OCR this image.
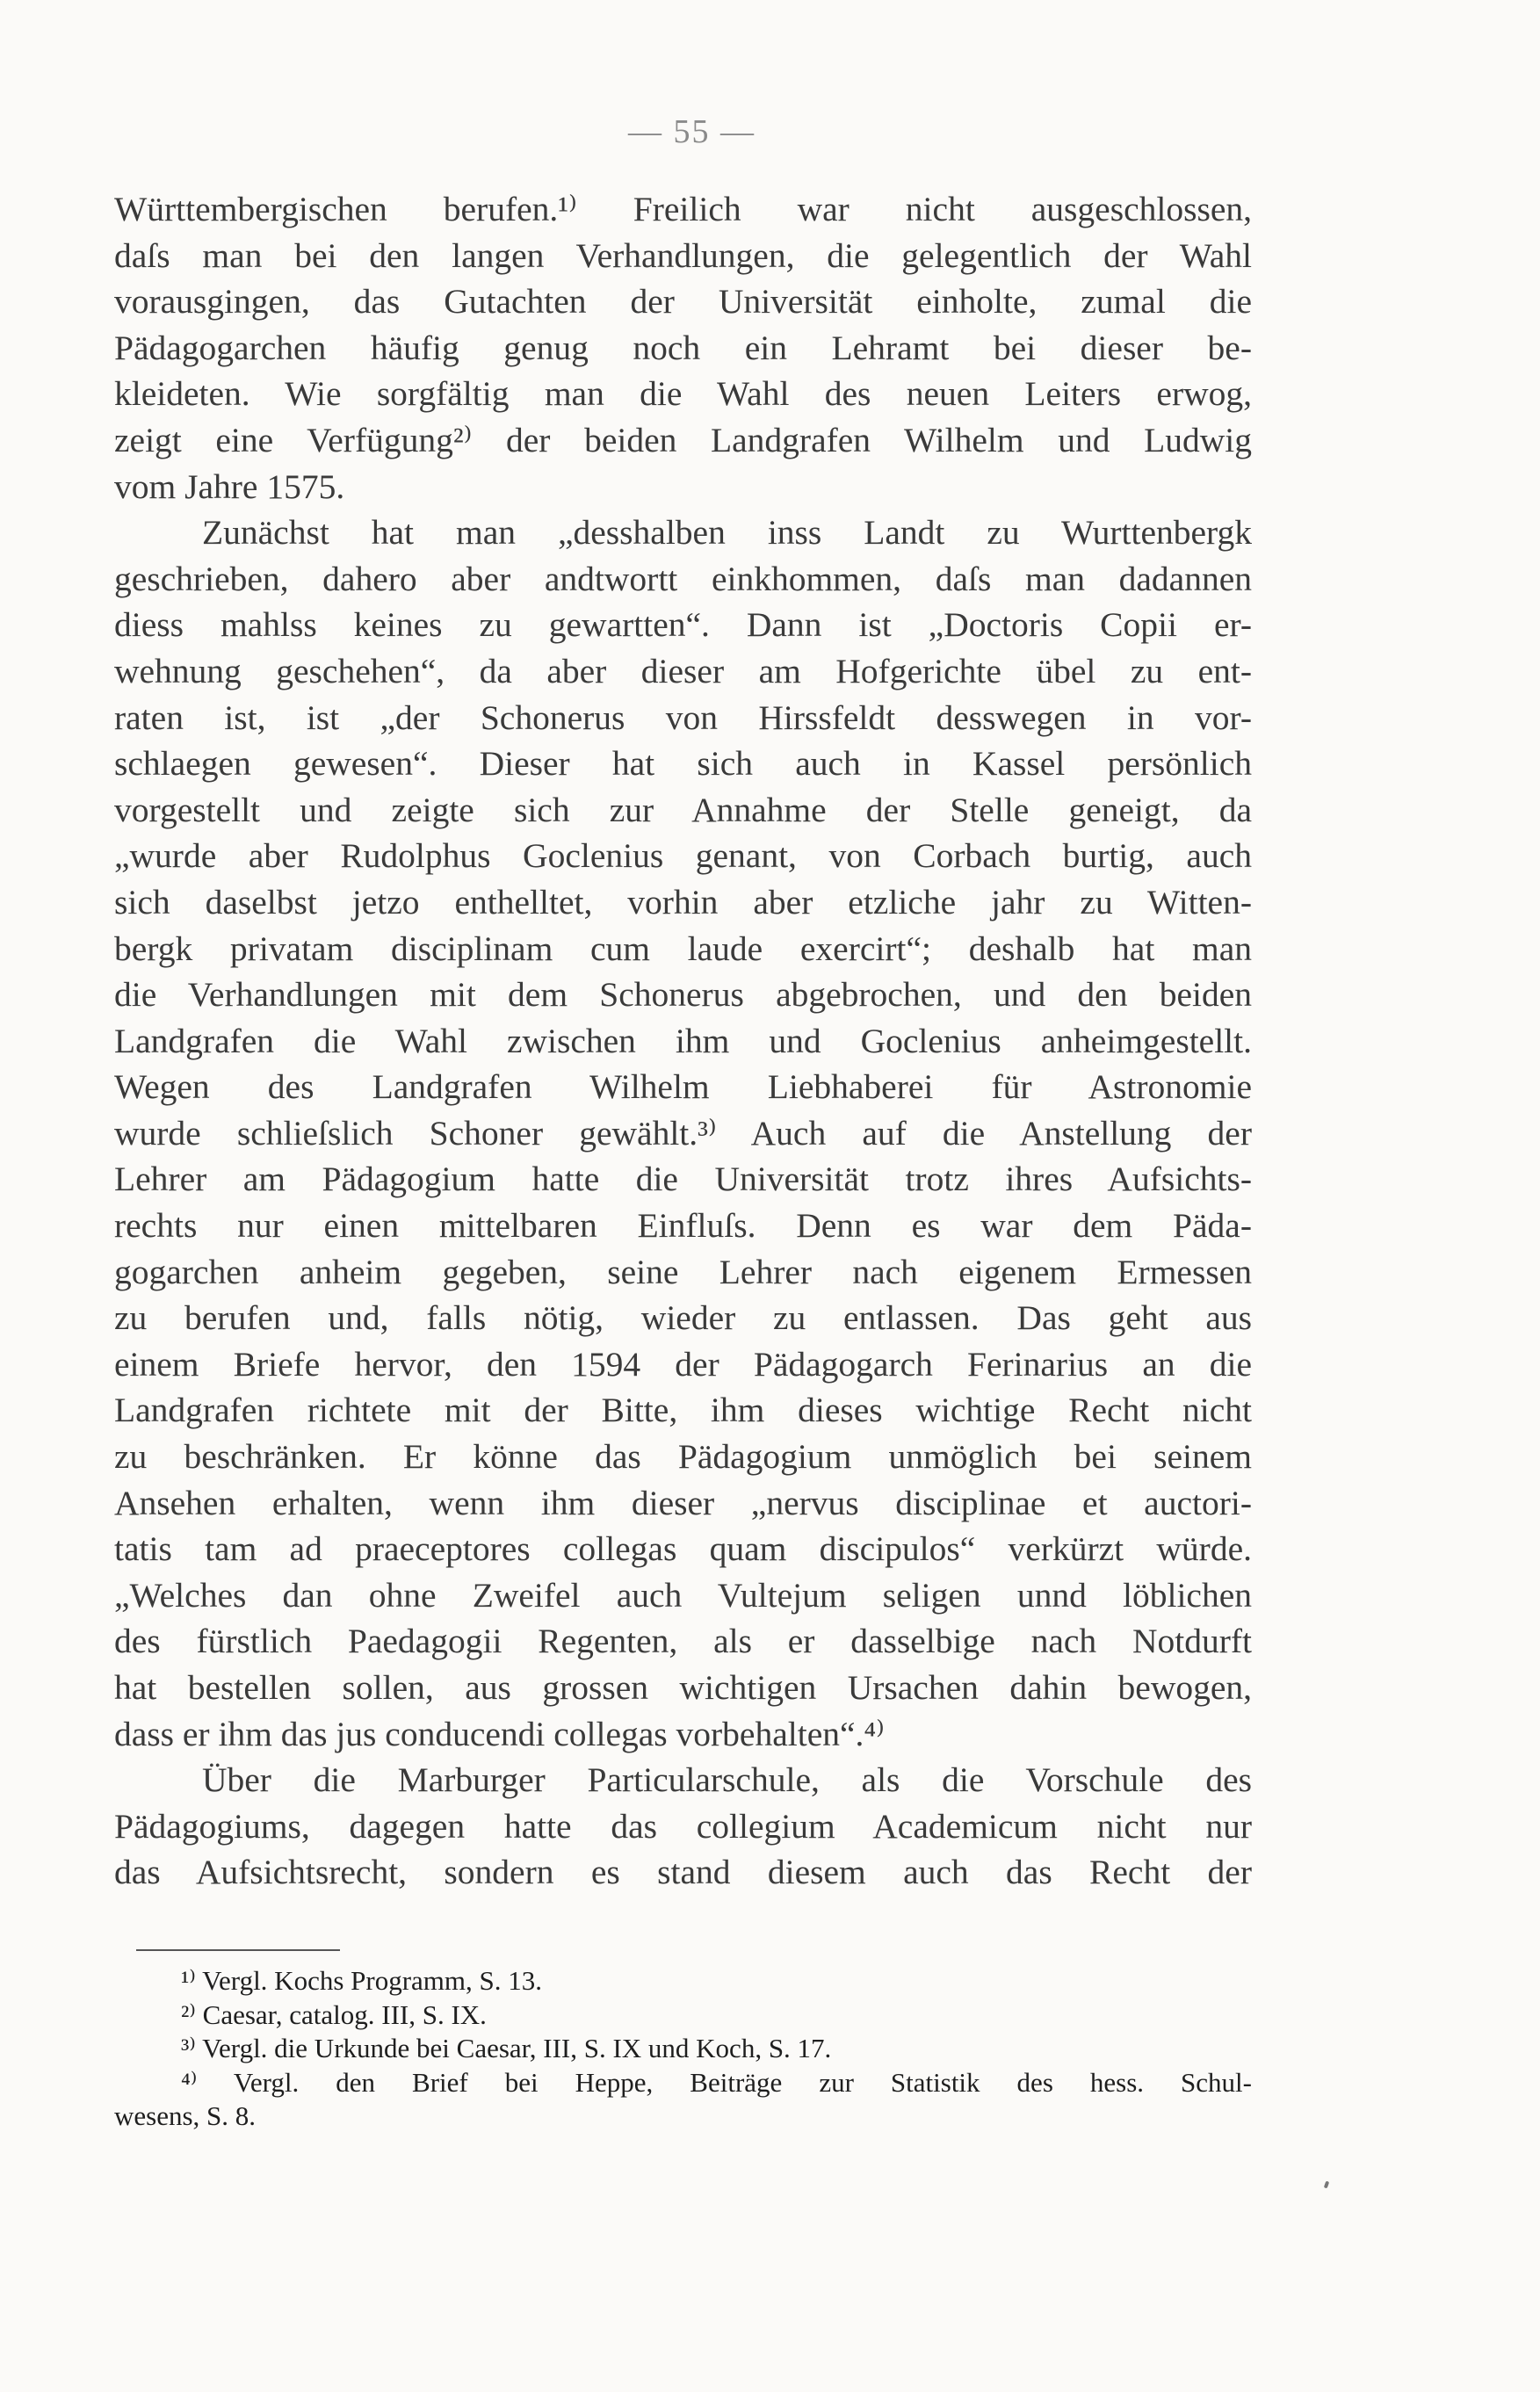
— 55 —
Württembergischen berufen.¹⁾ Freilich war nicht ausgeschlossen,
daſs man bei den langen Verhandlungen, die gelegentlich der Wahl
vorausgingen, das Gutachten der Universität einholte, zumal die
Pädagogarchen häufig genug noch ein Lehramt bei dieser be-
kleideten. Wie sorgfältig man die Wahl des neuen Leiters erwog,
zeigt eine Verfügung²⁾ der beiden Landgrafen Wilhelm und Ludwig
vom Jahre 1575.
Zunächst hat man „desshalben inss Landt zu Wurttenbergk
geschrieben, dahero aber andtwortt einkhommen, daſs man dadannen
diess mahlss keines zu gewartten“. Dann ist „Doctoris Copii er-
wehnung geschehen“, da aber dieser am Hofgerichte übel zu ent-
raten ist, ist „der Schonerus von Hirssfeldt desswegen in vor-
schlaegen gewesen“. Dieser hat sich auch in Kassel persönlich
vorgestellt und zeigte sich zur Annahme der Stelle geneigt, da
„wurde aber Rudolphus Goclenius genant, von Corbach burtig, auch
sich daselbst jetzo enthelltet, vorhin aber etzliche jahr zu Witten-
bergk privatam disciplinam cum laude exercirt“; deshalb hat man
die Verhandlungen mit dem Schonerus abgebrochen, und den beiden
Landgrafen die Wahl zwischen ihm und Goclenius anheimgestellt.
Wegen des Landgrafen Wilhelm Liebhaberei für Astronomie
wurde schlieſslich Schoner gewählt.³⁾ Auch auf die Anstellung der
Lehrer am Pädagogium hatte die Universität trotz ihres Aufsichts-
rechts nur einen mittelbaren Einfluſs. Denn es war dem Päda-
gogarchen anheim gegeben, seine Lehrer nach eigenem Ermessen
zu berufen und, falls nötig, wieder zu entlassen. Das geht aus
einem Briefe hervor, den 1594 der Pädagogarch Ferinarius an die
Landgrafen richtete mit der Bitte, ihm dieses wichtige Recht nicht
zu beschränken. Er könne das Pädagogium unmöglich bei seinem
Ansehen erhalten, wenn ihm dieser „nervus disciplinae et auctori-
tatis tam ad praeceptores collegas quam discipulos“ verkürzt würde.
„Welches dan ohne Zweifel auch Vultejum seligen unnd löblichen
des fürstlich Paedagogii Regenten, als er dasselbige nach Notdurft
hat bestellen sollen, aus grossen wichtigen Ursachen dahin bewogen,
dass er ihm das jus conducendi collegas vorbehalten“.⁴⁾
Über die Marburger Particularschule, als die Vorschule des
Pädagogiums, dagegen hatte das collegium Academicum nicht nur
das Aufsichtsrecht, sondern es stand diesem auch das Recht der
¹⁾ Vergl. Kochs Programm, S. 13.
²⁾ Caesar, catalog. III, S. IX.
³⁾ Vergl. die Urkunde bei Caesar, III, S. IX und Koch, S. 17.
⁴⁾ Vergl. den Brief bei Heppe, Beiträge zur Statistik des hess. Schul-
wesens, S. 8.
